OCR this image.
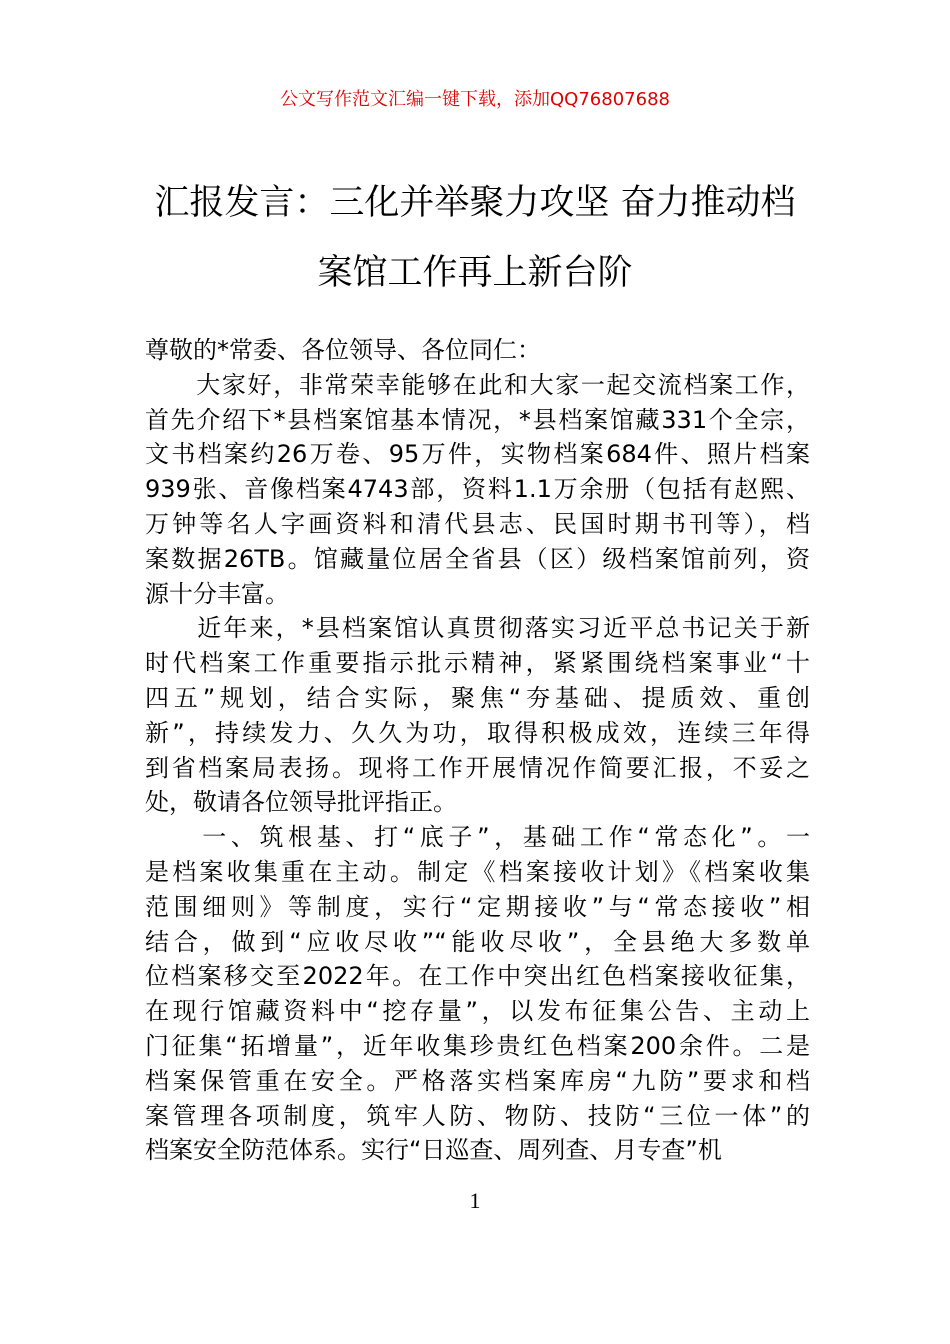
公文写作范文汇编一键下载，添加QQ76807688
汇报发言：三化并举聚力攻坚 奋力推动档
案馆工作再上新台阶
尊敬的*常委、各位领导、各位同仁：
　　大家好，非常荣幸能够在此和大家一起交流档案工作，
首先介绍下*县档案馆基本情况，*县档案馆藏331个全宗，
文书档案约26万卷、95万件，实物档案684件、照片档案
939张、音像档案4743部，资料1.1万余册（包括有赵熙、
万钟等名人字画资料和清代县志、民国时期书刊等），档
案数据26TB。馆藏量位居全省县（区）级档案馆前列，资
源十分丰富。
　　近年来，*县档案馆认真贯彻落实习近平总书记关于新
时代档案工作重要指示批示精神，紧紧围绕档案事业“十
四五”规划，结合实际，聚焦“夯基础、提质效、重创
新”，持续发力、久久为功，取得积极成效，连续三年得
到省档案局表扬。现将工作开展情况作简要汇报，不妥之
处，敬请各位领导批评指正。
　　一、筑根基、打“底子”，基础工作“常态化”。一
是档案收集重在主动。制定《档案接收计划》《档案收集
范围细则》等制度，实行“定期接收”与“常态接收”相
结合，做到“应收尽收”“能收尽收”，全县绝大多数单
位档案移交至2022年。在工作中突出红色档案接收征集，
在现行馆藏资料中“挖存量”，以发布征集公告、主动上
门征集“拓增量”，近年收集珍贵红色档案200余件。二是
档案保管重在安全。严格落实档案库房“九防”要求和档
案管理各项制度，筑牢人防、物防、技防“三位一体”的
档案安全防范体系。实行“日巡查、周列查、月专查”机
1
